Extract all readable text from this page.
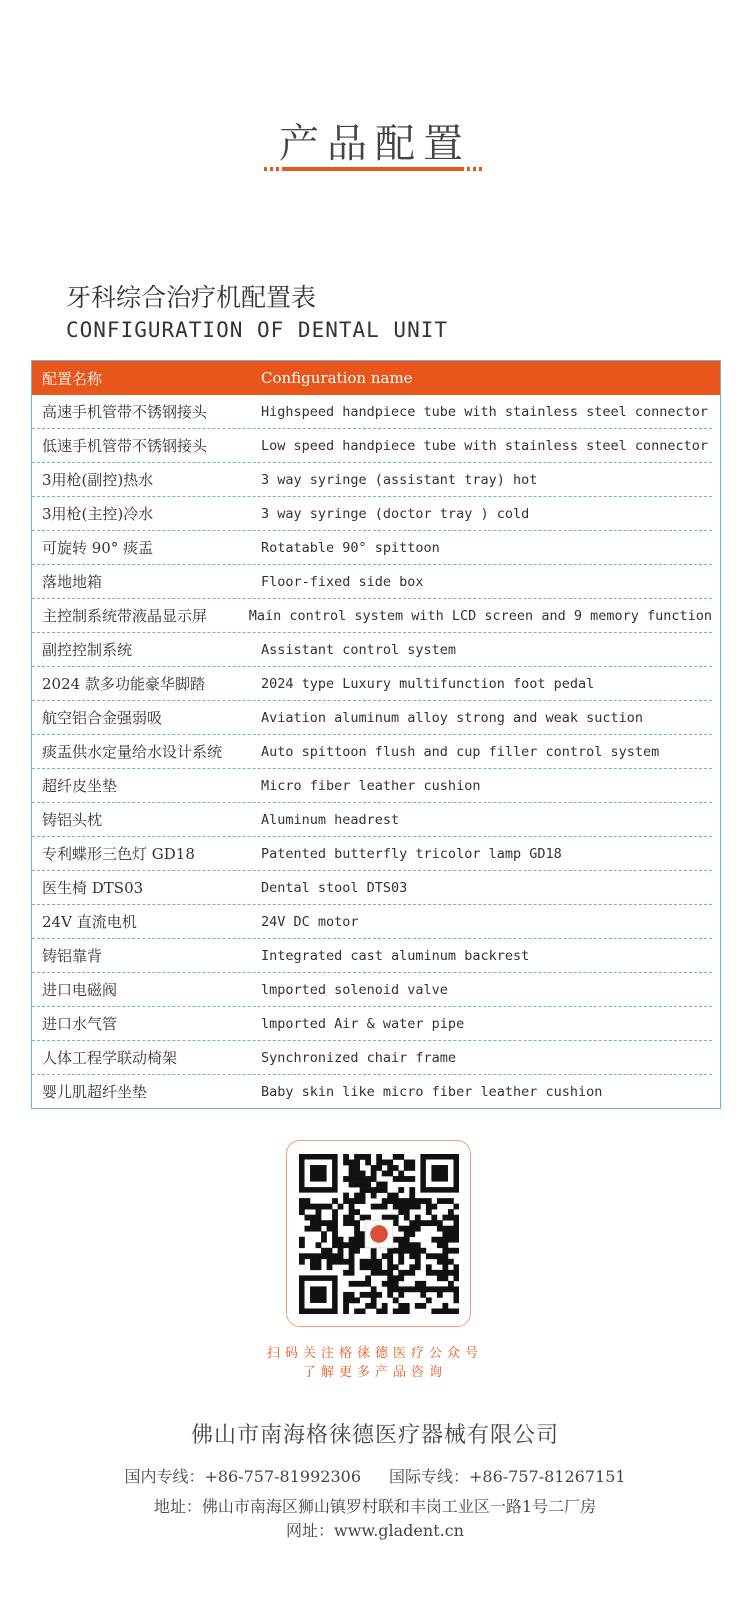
产品配置
牙科综合治疗机配置表
CONFIGURATION OF DENTAL UNIT
配置名称	Configuration name
高速手机管带不锈钢接头	Highspeed handpiece tube with stainless steel connector
低速手机管带不锈钢接头	Low speed handpiece tube with stainless steel connector
3用枪(副控)热水	3 way syringe (assistant tray) hot
3用枪(主控)冷水	3 way syringe (doctor tray ) cold
可旋转 90° 痰盂	Rotatable 90° spittoon
落地地箱	Floor-fixed side box
主控制系统带液晶显示屏	Main control system with LCD screen and 9 memory function
副控控制系统	Assistant control system
2024 款多功能豪华脚踏	2024 type Luxury multifunction foot pedal
航空铝合金强弱吸	Aviation aluminum alloy strong and weak suction
痰盂供水定量给水设计系统	Auto spittoon flush and cup filler control system
超纤皮坐垫	Micro fiber leather cushion
铸铝头枕	Aluminum headrest
专利蝶形三色灯 GD18	Patented butterfly tricolor lamp GD18
医生椅 DTS03	Dental stool DTS03
24V 直流电机	24V DC motor
铸铝靠背	Integrated cast aluminum backrest
进口电磁阀	lmported solenoid valve
进口水气管	lmported Air & water pipe
人体工程学联动椅架	Synchronized chair frame
婴儿肌超纤坐垫	Baby skin like micro fiber leather cushion
扫码关注格徕德医疗公众号
了解更多产品咨询
佛山市南海格徕德医疗器械有限公司
国内专线：+86-757-81992306 国际专线：+86-757-81267151
地址：佛山市南海区狮山镇罗村联和丰岗工业区一路1号二厂房
网址：www.gladent.cn
